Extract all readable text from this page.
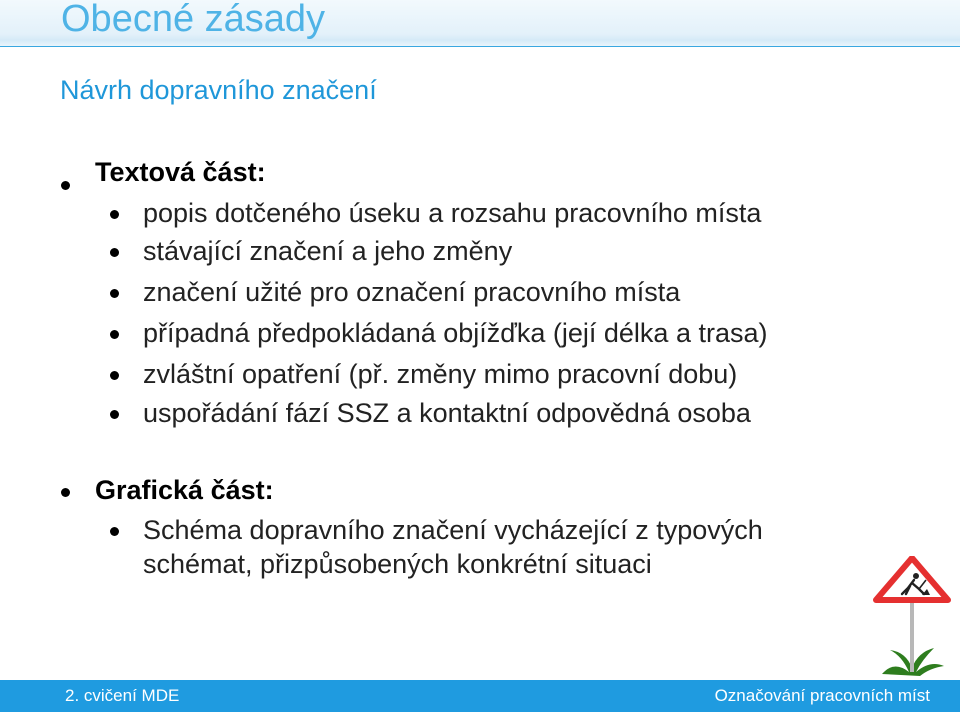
Obecné zásady
Návrh dopravního značení
Textová část:
popis dotčeného úseku a rozsahu pracovního místa
stávající značení a jeho změny
značení užité pro označení pracovního místa
případná předpokládaná objížďka (její délka a trasa)
zvláštní opatření (př. změny mimo pracovní dobu)
uspořádání fází SSZ a kontaktní odpovědná osoba
Grafická část:
Schéma dopravního značení vycházející z typových
schémat, přizpůsobených konkrétní situaci
2. cvičení MDE	Označování pracovních míst
